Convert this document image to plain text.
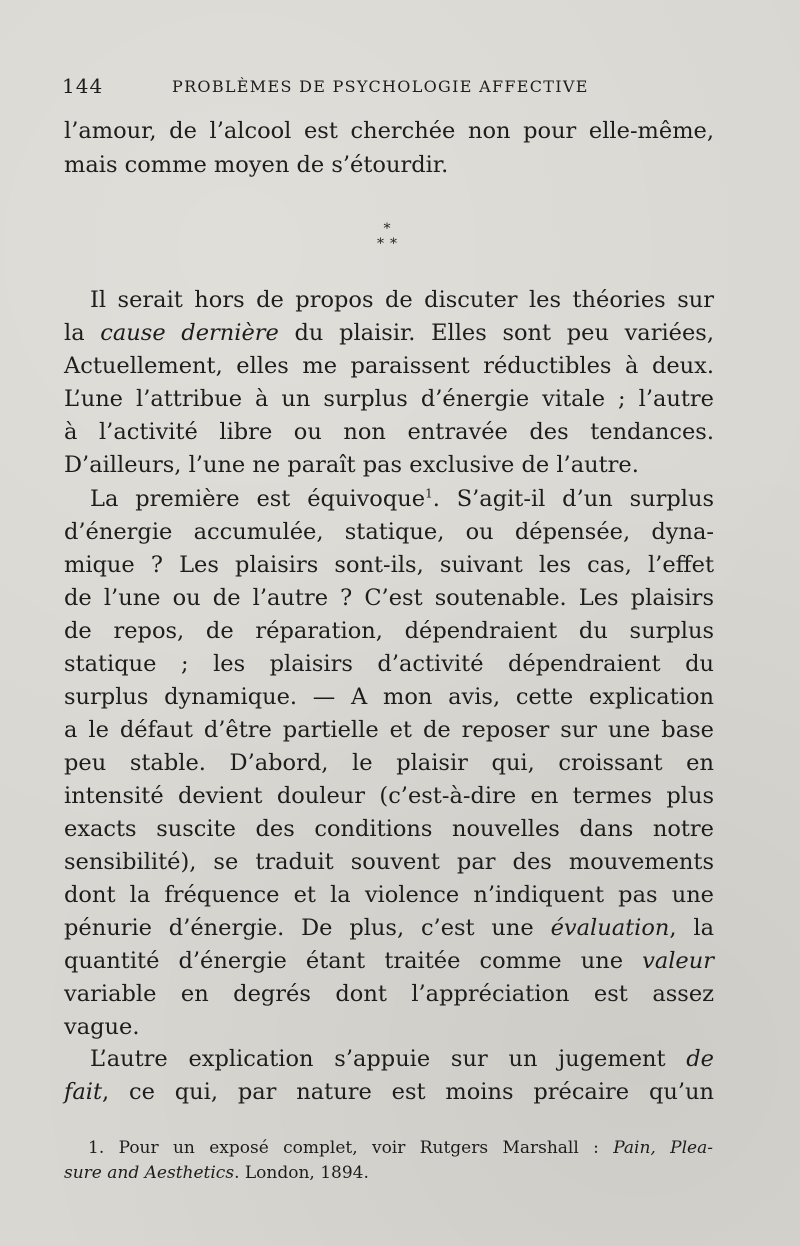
144	PROBLÈMES DE PSYCHOLOGIE AFFECTIVE
l’amour, de l’alcool est cherchée non pour elle-même,
mais comme moyen de s’étourdir.
*
**
Il serait hors de propos de discuter les théories sur
la cause dernière du plaisir. Elles sont peu variées,
Actuellement, elles me paraissent réductibles à deux.
L’une l’attribue à un surplus d’énergie vitale ; l’autre
à l’activité libre ou non entravée des tendances.
D’ailleurs, l’une ne paraît pas exclusive de l’autre.
La première est équivoque$^1$. S’agit-il d’un surplus
d’énergie accumulée, statique, ou dépensée, dyna-
mique ? Les plaisirs sont-ils, suivant les cas, l’effet
de l’une ou de l’autre ? C’est soutenable. Les plaisirs
de repos, de réparation, dépendraient du surplus
statique ; les plaisirs d’activité dépendraient du
surplus dynamique. — A mon avis, cette explication
a le défaut d’être partielle et de reposer sur une base
peu stable. D’abord, le plaisir qui, croissant en
intensité devient douleur (c’est-à-dire en termes plus
exacts suscite des conditions nouvelles dans notre
sensibilité), se traduit souvent par des mouvements
dont la fréquence et la violence n’indiquent pas une
pénurie d’énergie. De plus, c’est une évaluation, la
quantité d’énergie étant traitée comme une valeur
variable en degrés dont l’appréciation est assez
vague.
L’autre explication s’appuie sur un jugement de
fait, ce qui, par nature est moins précaire qu’un
1. Pour un exposé complet, voir Rutgers Marshall : Pain, Plea-
sure and Aesthetics. London, 1894.
